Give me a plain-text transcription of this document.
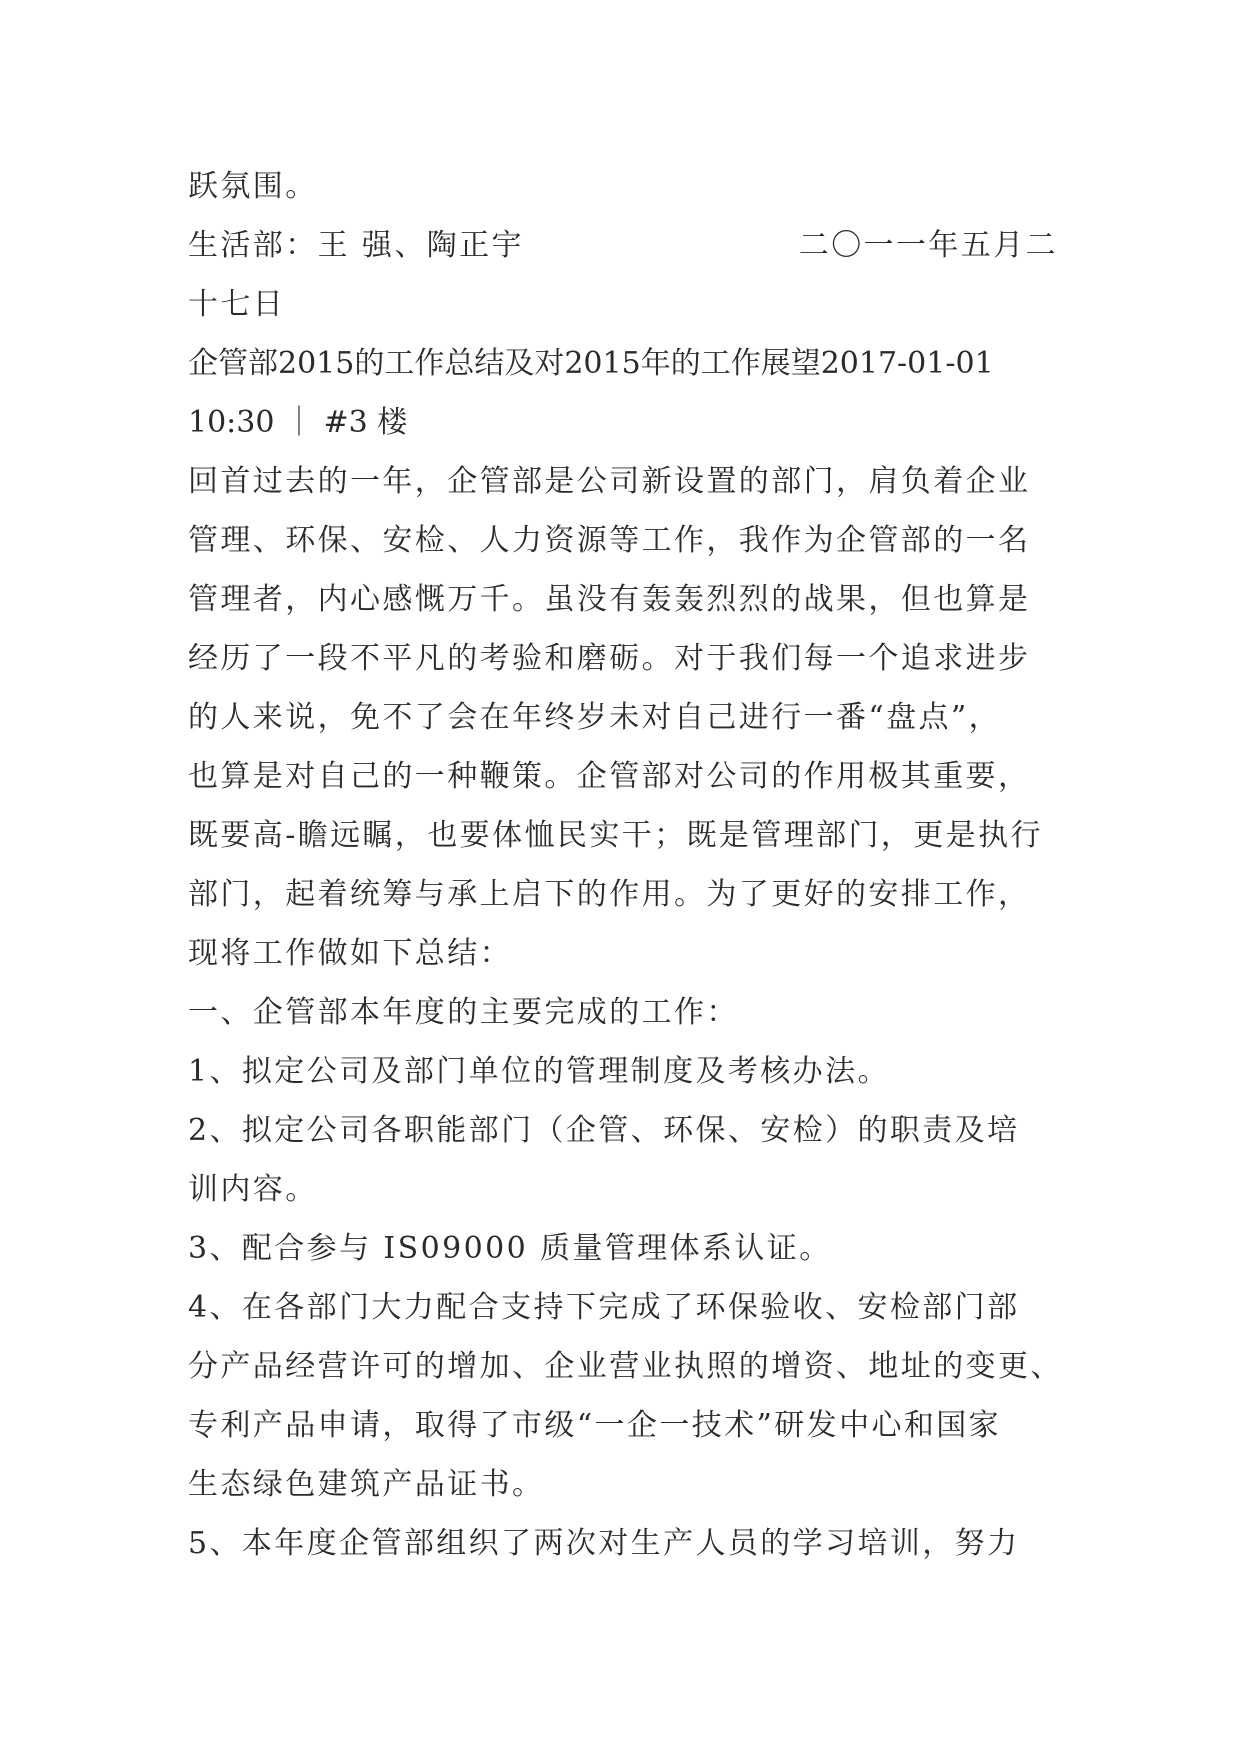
跃氛围。
生活部：王 强、陶正宇	二〇一一年五月二
十七日
企管部2015的工作总结及对2015年的工作展望2017-01-01
10:30 ｜ #3 楼
回首过去的一年，企管部是公司新设置的部门，肩负着企业
管理、环保、安检、人力资源等工作，我作为企管部的一名
管理者，内心感慨万千。虽没有轰轰烈烈的战果，但也算是
经历了一段不平凡的考验和磨砺。对于我们每一个追求进步
的人来说，免不了会在年终岁未对自己进行一番“盘点”，
也算是对自己的一种鞭策。企管部对公司的作用极其重要，
既要高-瞻远瞩，也要体恤民实干；既是管理部门，更是执行
部门，起着统筹与承上启下的作用。为了更好的安排工作，
现将工作做如下总结：
一、企管部本年度的主要完成的工作：
1、拟定公司及部门单位的管理制度及考核办法。
2、拟定公司各职能部门（企管、环保、安检）的职责及培
训内容。
3、配合参与 IS09000 质量管理体系认证。
4、在各部门大力配合支持下完成了环保验收、安检部门部
分产品经营许可的增加、企业营业执照的增资、地址的变更、
专利产品申请，取得了市级“一企一技术”研发中心和国家
生态绿色建筑产品证书。
5、本年度企管部组织了两次对生产人员的学习培训，努力
